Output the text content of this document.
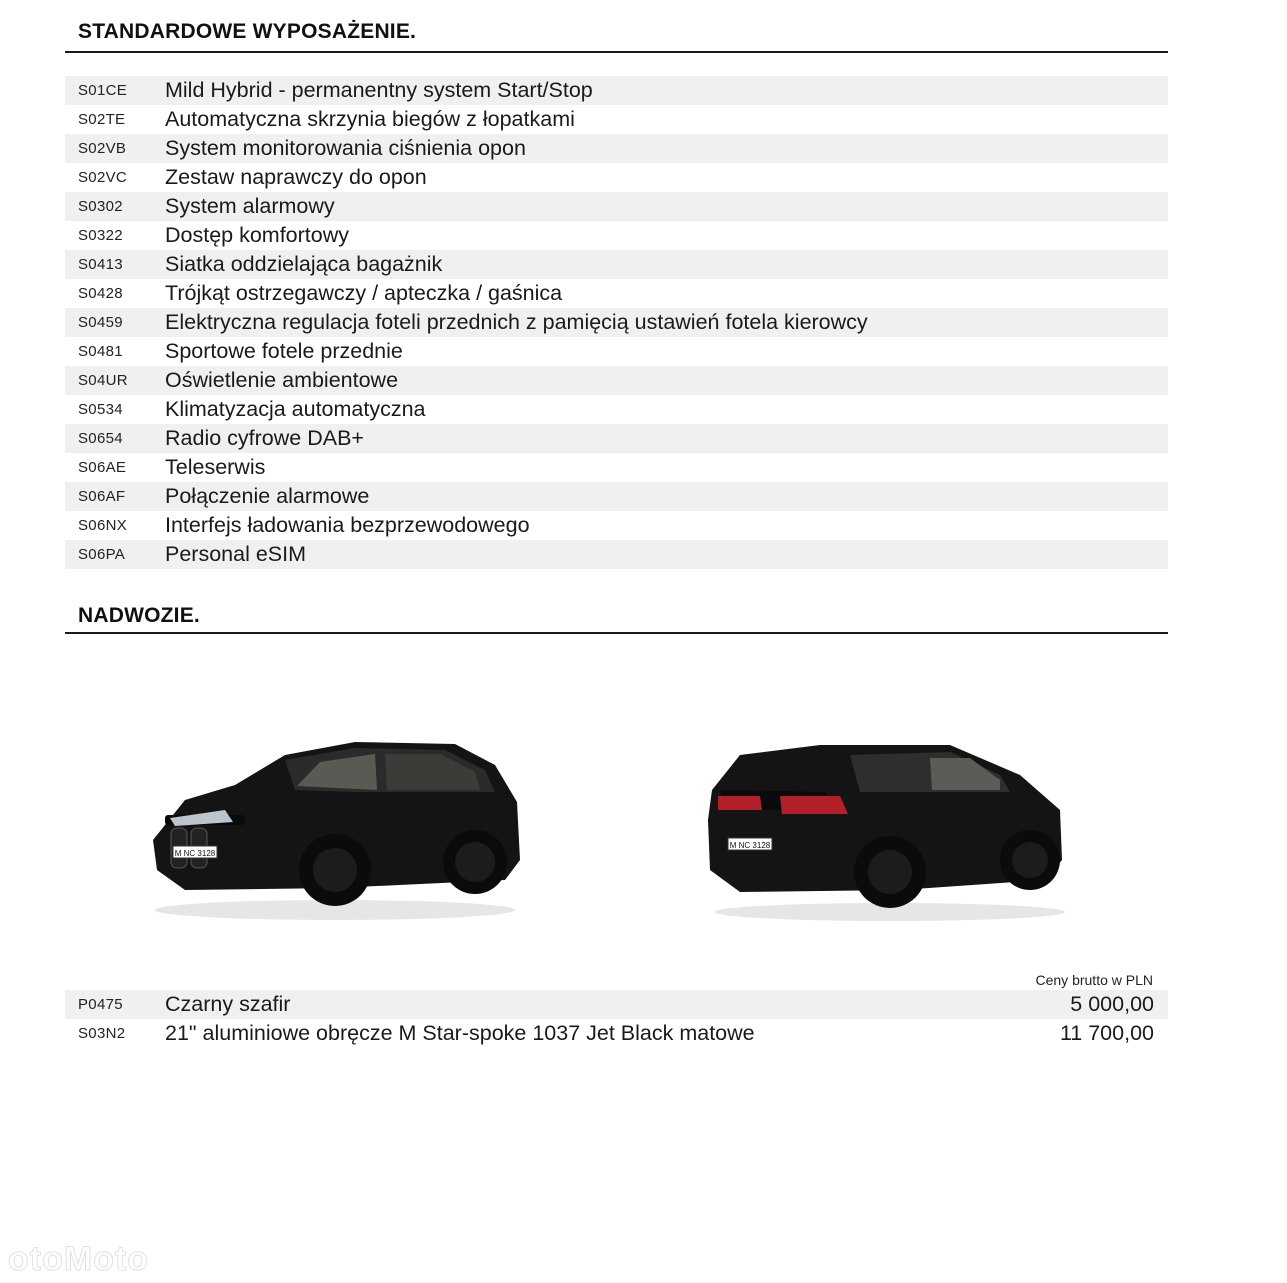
STANDARDOWE WYPOSAŻENIE.
S01CE Mild Hybrid - permanentny system Start/Stop
S02TE Automatyczna skrzynia biegów z łopatkami
S02VB System monitorowania ciśnienia opon
S02VC Zestaw naprawczy do opon
S0302 System alarmowy
S0322 Dostęp komfortowy
S0413 Siatka oddzielająca bagażnik
S0428 Trójkąt ostrzegawczy / apteczka / gaśnica
S0459 Elektryczna regulacja foteli przednich z pamięcią ustawień fotela kierowcy
S0481 Sportowe fotele przednie
S04UR Oświetlenie ambientowe
S0534 Klimatyzacja automatyczna
S0654 Radio cyfrowe DAB+
S06AE Teleserwis
S06AF Połączenie alarmowe
S06NX Interfejs ładowania bezprzewodowego
S06PA Personal eSIM
NADWOZIE.
M NC 3128
M NC 3128
Ceny brutto w PLN
P0475 Czarny szafir	5 000,00
S03N2 21" aluminiowe obręcze M Star-spoke 1037 Jet Black matowe	11 700,00
otoMoto
